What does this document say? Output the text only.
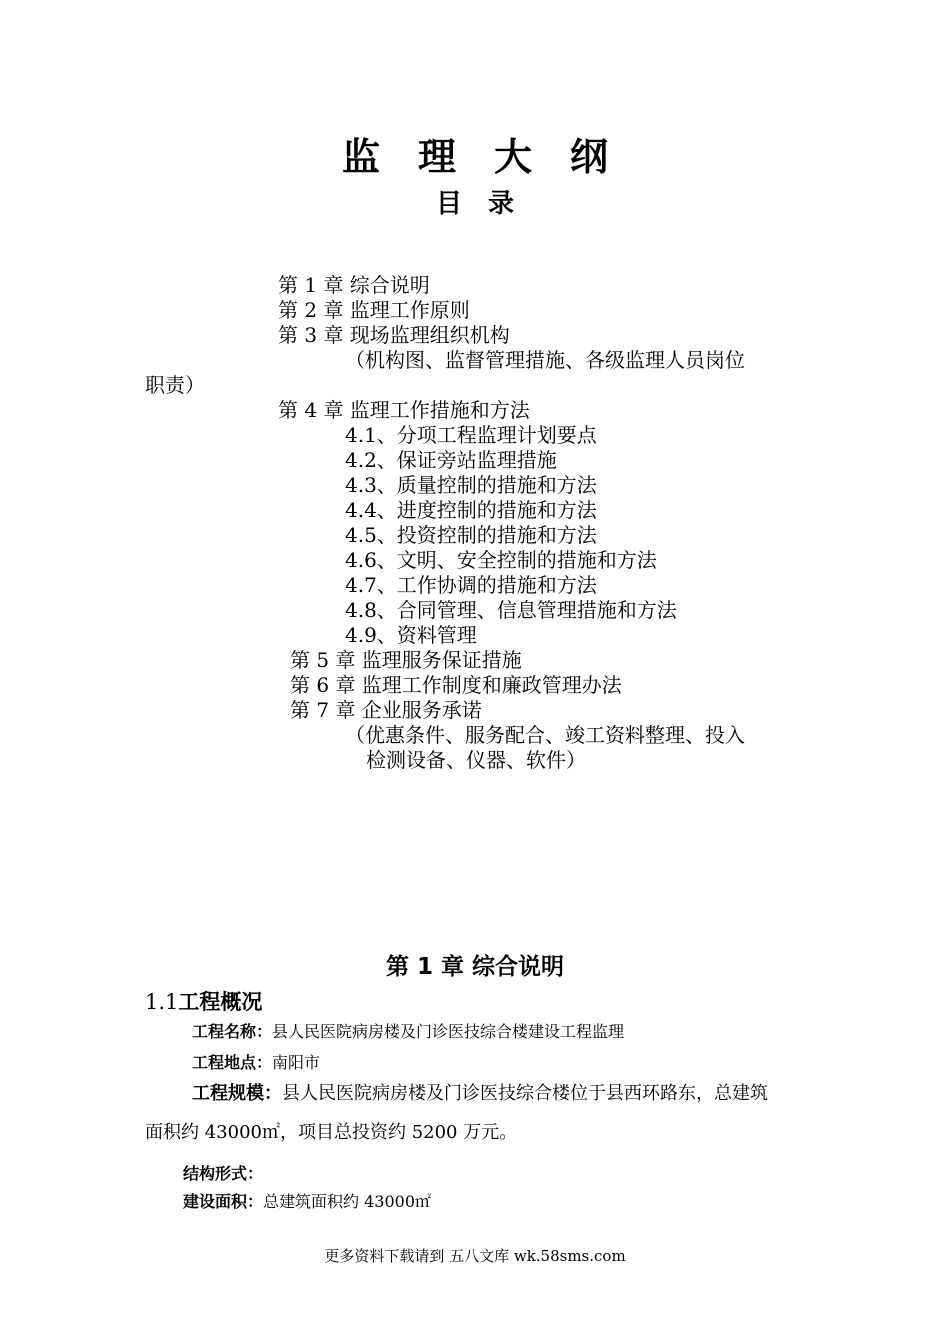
监理大纲
目录
第 1 章 综合说明
第 2 章 监理工作原则
第 3 章 现场监理组织机构
（机构图、监督管理措施、各级监理人员岗位
职责）
第 4 章 监理工作措施和方法
4.1、分项工程监理计划要点
4.2、保证旁站监理措施
4.3、质量控制的措施和方法
4.4、进度控制的措施和方法
4.5、投资控制的措施和方法
4.6、文明、安全控制的措施和方法
4.7、工作协调的措施和方法
4.8、合同管理、信息管理措施和方法
4.9、资料管理
第 5 章 监理服务保证措施
第 6 章 监理工作制度和廉政管理办法
第 7 章 企业服务承诺
（优惠条件、服务配合、竣工资料整理、投入
检测设备、仪器、软件）
第 1 章 综合说明
1.1工程概况
工程名称：县人民医院病房楼及门诊医技综合楼建设工程监理
工程地点：南阳市
工程规模：县人民医院病房楼及门诊医技综合楼位于县西环路东，总建筑
面积约 43000㎡，项目总投资约 5200 万元。
结构形式：
建设面积：总建筑面积约 43000㎡
更多资料下载请到 五八文库 wk.58sms.com
